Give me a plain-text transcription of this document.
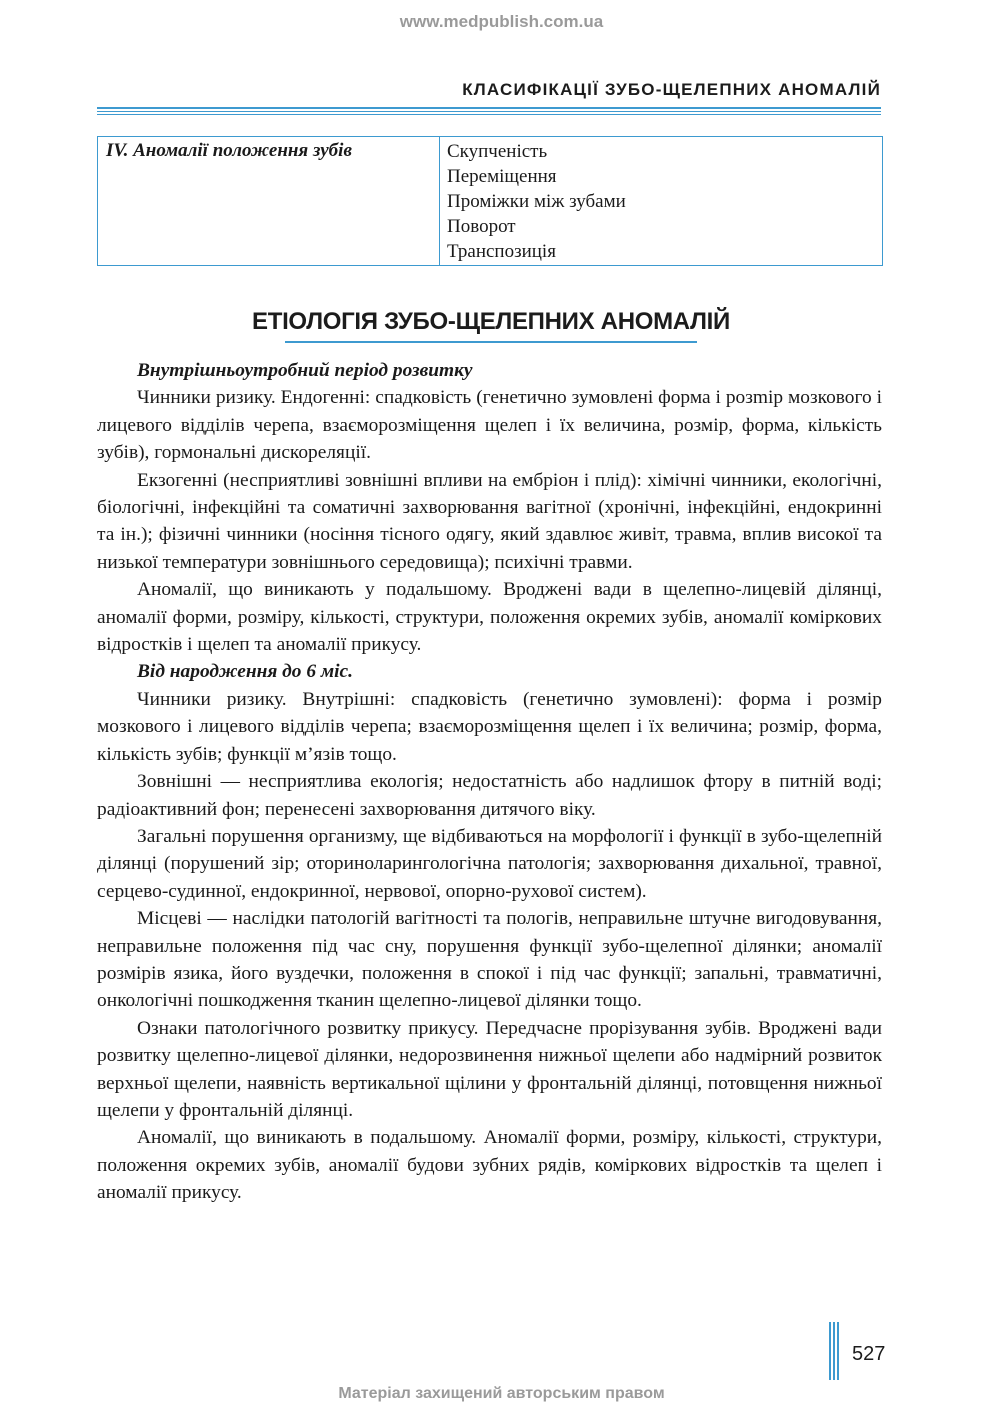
www.medpublish.com.ua
КЛАСИФІКАЦІЇ ЗУБО-ЩЕЛЕПНИХ АНОМАЛІЙ
IV. Аномалії положення зубів	Скупченість
Переміщення
Проміжки між зубами
Поворот
Транспозиція
ЕТІОЛОГІЯ ЗУБО-ЩЕЛЕПНИХ АНОМАЛІЙ

Внутрішньоутробний період розвитку

Чинники ризику. Ендогенні: спадковість (генетично зумовлені форма і розmір мозкового і лицевого відділів черепа, взаєморозміщення щелеп і їх величина, розмір, форма, кількість зубів), гормональні дискореляції.

Екзогенні (несприятливі зовнішні впливи на ембріон і плід): хімічні чинники, екологічні, біологічні, інфекційні та соматичні захворювання вагітної (хронічні, інфекційні, ендокринні та ін.); фізичні чинники (носіння тісного одягу, який здавлює живіт, травма, вплив високої та низької температури зовнішнього середовища); психічні травми.

Аномалії, що виникають у подальшому. Вроджені вади в щелепно-лицевій ділянці, аномалії форми, розміру, кількості, структури, положення окремих зубів, аномалії коміркових відростків і щелеп та аномалії прикусу.

Від народження до 6 міс.

Чинники ризику. Внутрішні: спадковість (генетично зумовлені): форма і розмір мозкового і лицевого відділів черепа; взаєморозміщення щелеп і їх величина; розмір, форма, кількість зубів; функції м’язів тощо.

Зовнішні — несприятлива екологія; недостатність або надлишок фтору в питній воді; радіоактивний фон; перенесені захворювання дитячого віку.

Загальні порушення организму, ще відбиваються на морфології і функції в зубо-щелепній ділянці (порушений зір; оториноларингологічна патологія; захворювання дихальної, травної, серцево-судинної, ендокринної, нервової, опорно-рухової систем).

Місцеві — наслідки патологій вагітності та пологів, неправильне штучне вигодовування, неправильне положення під час сну, порушення функції зубо-щелепної ділянки; аномалії розмірів язика, його вуздечки, положення в спокої і під час функції; запальні, травматичні, онкологічні пошкодження тканин щелепно-лицевої ділянки тощо.

Ознаки патологічного розвитку прикусу. Передчасне прорізування зубів. Вроджені вади розвитку щелепно-лицевої ділянки, недорозвинення нижньої щелепи або надмірний розвиток верхньої щелепи, наявність вертикальної щілини у фронтальній ділянці, потовщення нижньої щелепи у фронтальній ділянці.

Аномалії, що виникають в подальшому. Аномалії форми, розміру, кількості, структури, положення окремих зубів, аномалії будови зубних рядів, коміркових відростків та щелеп і аномалії прикусу.

527
Матеріал захищений авторським правом
